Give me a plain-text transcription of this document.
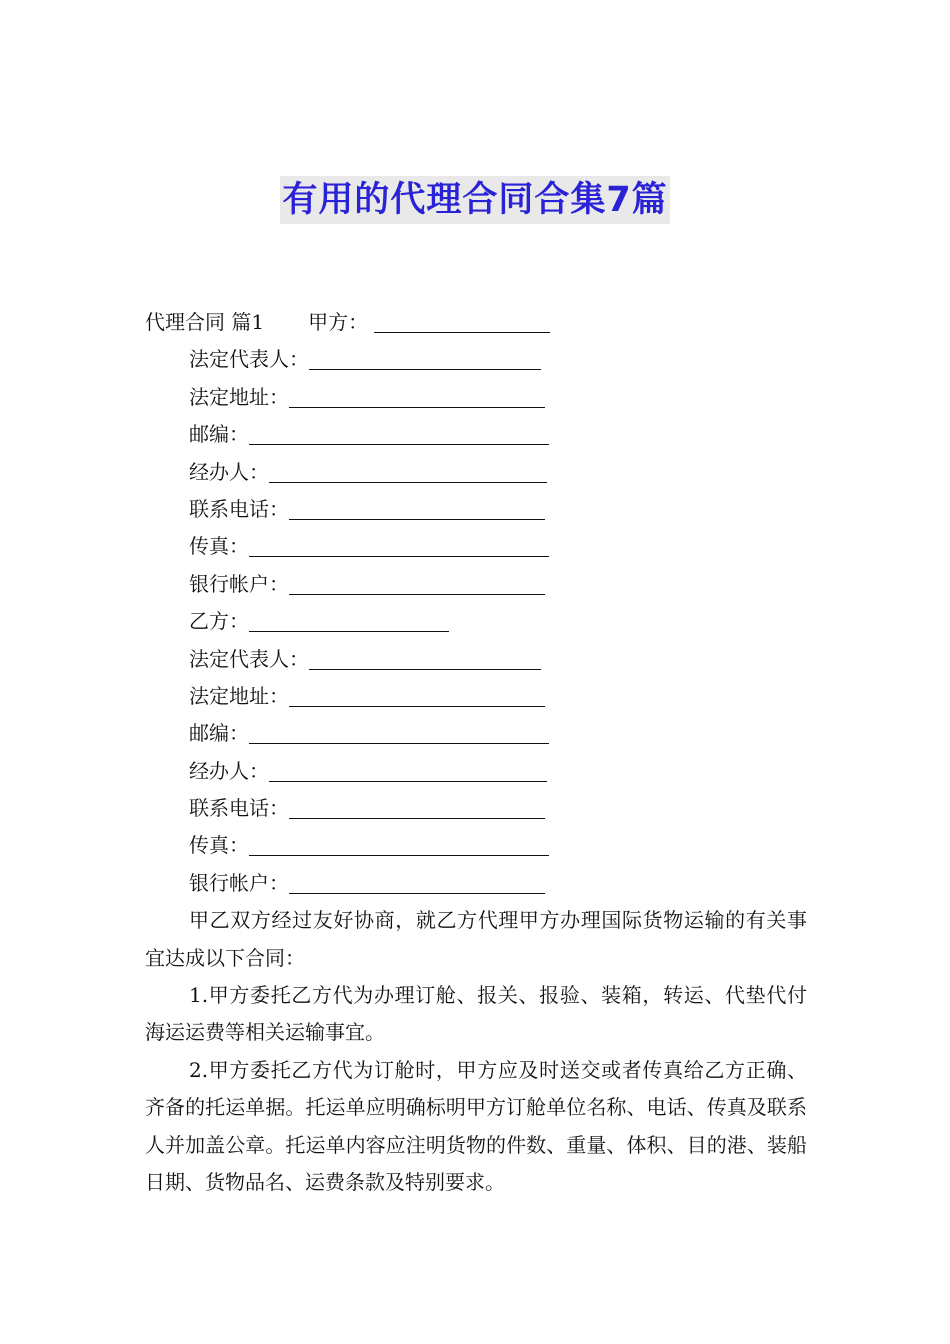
有用的代理合同合集7篇
代理合同 篇1 甲方：
法定代表人：
法定地址：
邮编：
经办人：
联系电话：
传真：
银行帐户：
乙方：
法定代表人：
法定地址：
邮编：
经办人：
联系电话：
传真：
银行帐户：

甲乙双方经过友好协商，就乙方代理甲方办理国际货物运输的有关事宜达成以下合同：

1.甲方委托乙方代为办理订舱、报关、报验、装箱，转运、代垫代付海运运费等相关运输事宜。

2.甲方委托乙方代为订舱时，甲方应及时送交或者传真给乙方正确、齐备的托运单据。托运单应明确标明甲方订舱单位名称、电话、传真及联系人并加盖公章。托运单内容应注明货物的件数、重量、体积、目的港、装船日期、货物品名、运费条款及特别要求。
